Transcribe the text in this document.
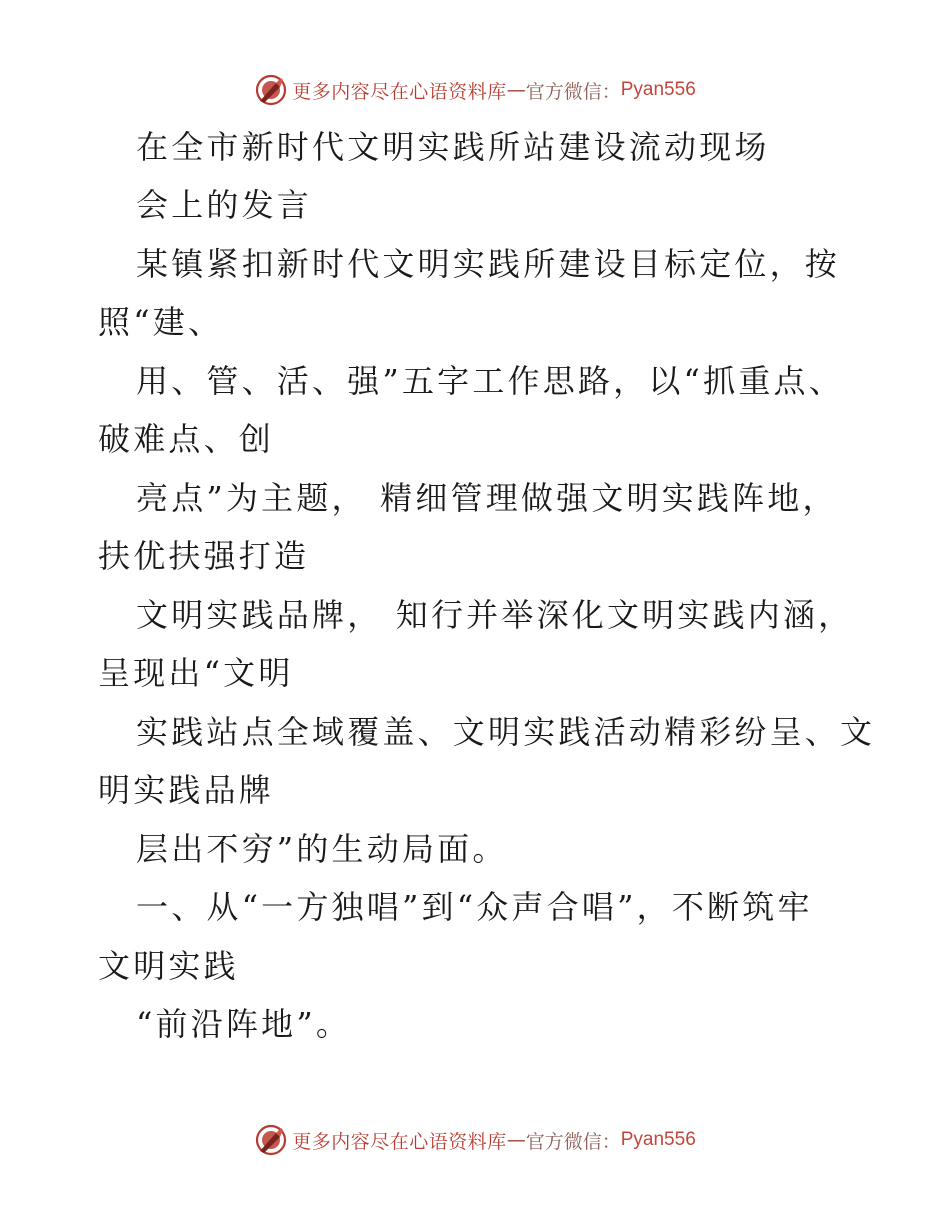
更多内容尽在心语资料库 — 官方微信： Pyan556
在全市新时代文明实践所站建设流动现场
会上的发言
某镇紧扣新时代文明实践所建设目标定位，按
照“建、
用、管、活、强”五字工作思路，以“抓重点、
破难点、创
亮点”为主题， 精细管理做强文明实践阵地，
扶优扶强打造
文明实践品牌， 知行并举深化文明实践内涵，
呈现出“文明
实践站点全域覆盖、文明实践活动精彩纷呈、文
明实践品牌
层出不穷”的生动局面。
一、从“一方独唱”到“众声合唱”，不断筑牢
文明实践
“前沿阵地”。
更多内容尽在心语资料库 — 官方微信： Pyan556
